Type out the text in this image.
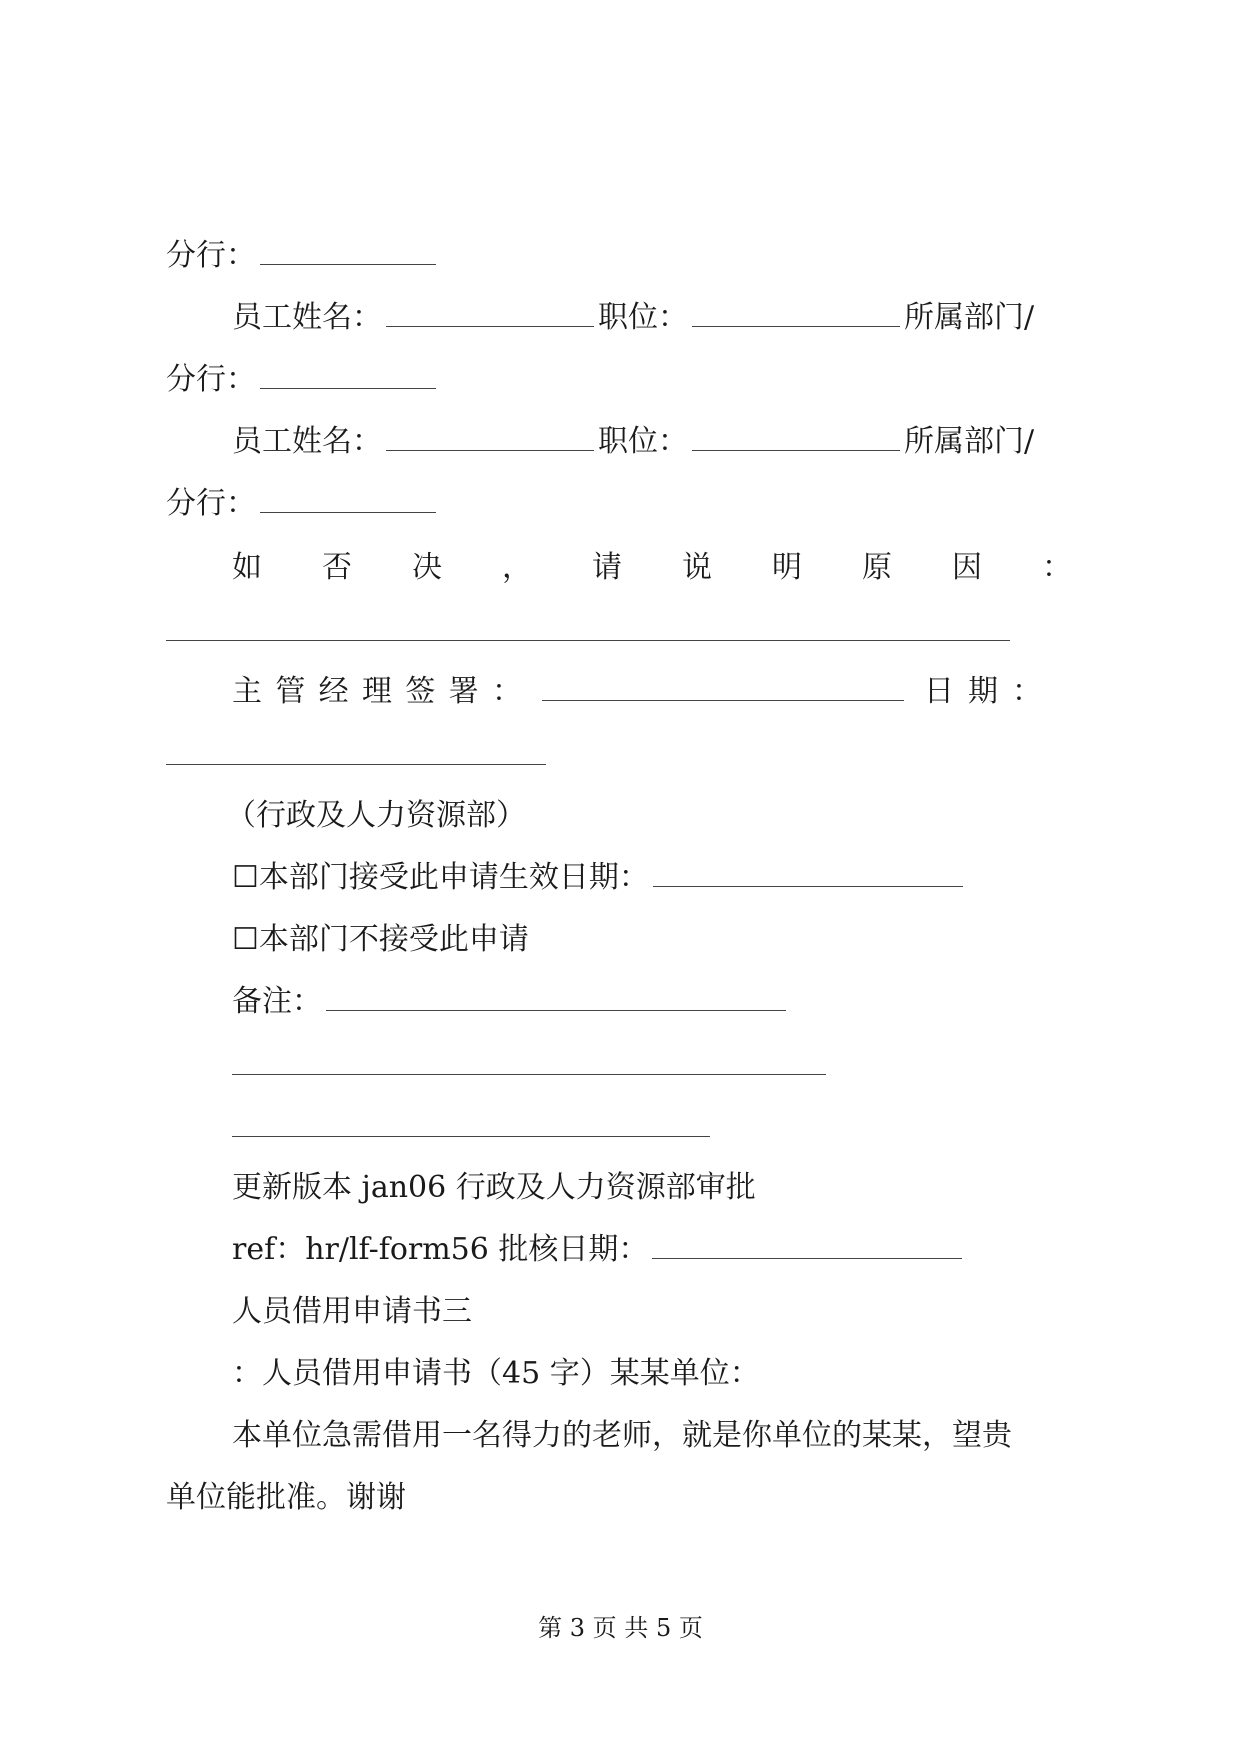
分行：
员工姓名：	职位：	所属部门/
分行：
员工姓名：	职位：	所属部门/
分行：
如 否 决 ， 请 说 明 原 因 ：
主 管 经 理 签 署 ：	日 期 ：
（行政及人力资源部）
☐本部门接受此申请生效日期：
☐本部门不接受此申请
备注：
更新版本 jan06 行政及人力资源部审批
ref：hr/lf-form56 批核日期：
人员借用申请书三
：人员借用申请书（45 字）某某单位：
本单位急需借用一名得力的老师，就是你单位的某某，望贵
单位能批准。谢谢
第 3 页 共 5 页
